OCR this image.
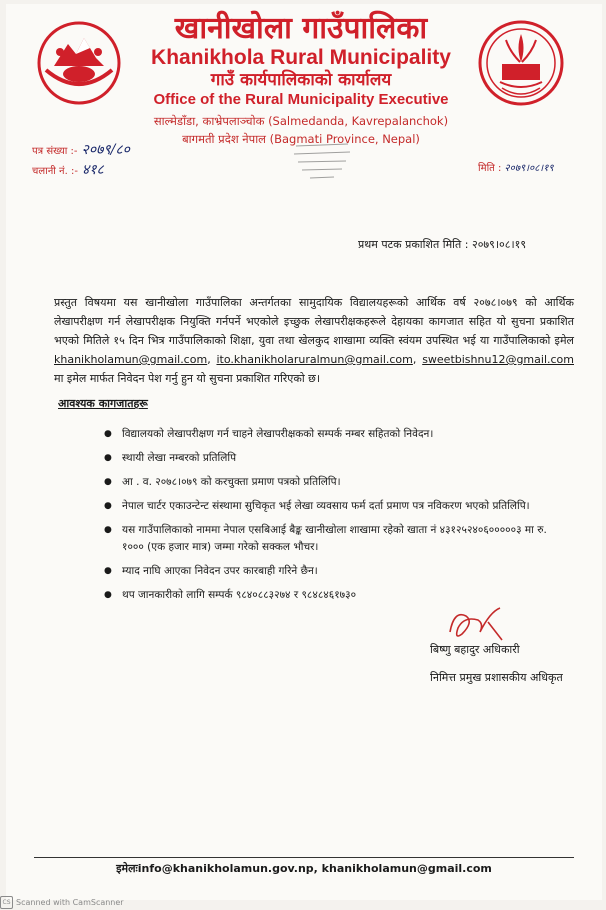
खानीखोला गाउँपालिका
Khanikhola Rural Municipality
गाउँ कार्यपालिकाको कार्यालय
Office of the Rural Municipality Executive
साल्मेडाँडा, काभ्रेपलाञ्चोक (Salmedanda, Kavrepalanchok)
बागमती प्रदेश नेपाल (Bagmati Province, Nepal)
पत्र संख्या :- २०७९/८०
चलानी नं. :- ४१८	मिति : २०७९।०८।१९
प्रथम पटक प्रकाशित मिति : २०७९।०८।१९
प्रस्तुत विषयमा यस खानीखोला गाउँपालिका अन्तर्गतका सामुदायिक विद्यालयहरूको आर्थिक वर्ष २०७८।०७९ को आर्थिक लेखापरीक्षण गर्न लेखापरीक्षक नियुक्ति गर्नपर्ने भएकोले इच्छुक लेखापरीक्षकहरूले देहायका कागजात सहित यो सुचना प्रकाशित भएको मितिले १५ दिन भित्र गाउँपालिकाको शिक्षा, युवा तथा खेलकुद शाखामा व्यक्ति स्वंयम उपस्थित भई या गाउँपालिकाको इमेल khanikholamun@gmail.com, ito.khanikholaruralmun@gmail.com, sweetbishnu12@gmail.com मा इमेल मार्फत निवेदन पेश गर्नु हुन यो सुचना प्रकाशित गरिएको छ।
आवश्यक कागजातहरू
● विद्यालयको लेखापरीक्षण गर्न चाहने लेखापरीक्षकको सम्पर्क नम्बर सहितको निवेदन।
● स्थायी लेखा नम्बरको प्रतिलिपि
● आ . व. २०७८।०७९ को करचुक्ता प्रमाण पत्रको प्रतिलिपि।
● नेपाल चार्टर एकाउन्टेन्ट संस्थामा सुचिकृत भई लेखा व्यवसाय फर्म दर्ता प्रमाण पत्र नविकरण भएको प्रतिलिपि।
● यस गाउँपालिकाको नाममा नेपाल एसबिआई बैङ्क खानीखोला शाखामा रहेको खाता नं ४३१२५२४०६०००००३ मा रु. १००० (एक हजार मात्र) जम्मा गरेको सक्कल भौचर।
● म्याद नाघि आएका निवेदन उपर कारबाही गरिने छैन।
● थप जानकारीको लागि सम्पर्क ९८४०८८३२७४ र ९८४८४६१७३०
बिष्णु बहादुर अधिकारी
निमित्त प्रमुख प्रशासकीय अधिकृत
इमेलःinfo@khanikholamun.gov.np, khanikholamun@gmail.com
CS Scanned with CamScanner
